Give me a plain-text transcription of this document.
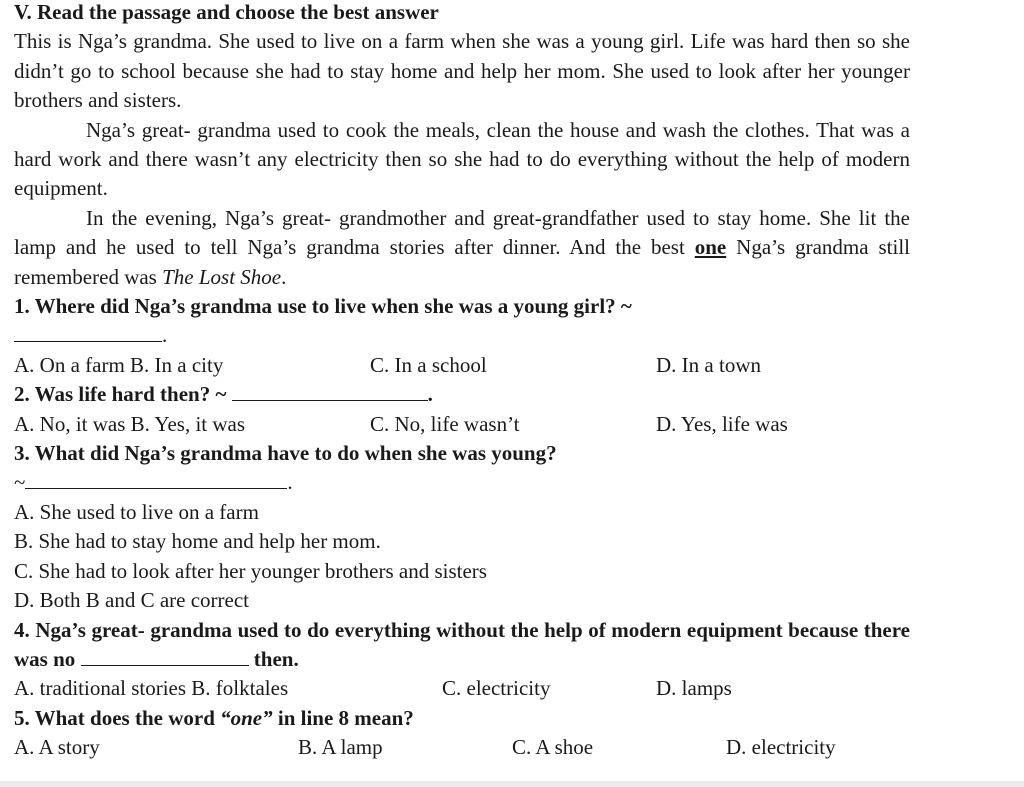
V. Read the passage and choose the best answer

This is Nga’s grandma. She used to live on a farm when she was a young girl. Life was hard then so she didn’t go to school because she had to stay home and help her mom. She used to look after her younger brothers and sisters.

Nga’s great- grandma used to cook the meals, clean the house and wash the clothes. That was a hard work and there wasn’t any electricity then so she had to do everything without the help of modern equipment.

In the evening, Nga’s great- grandmother and great-grandfather used to stay home. She lit the lamp and he used to tell Nga’s grandma stories after dinner. And the best one Nga’s grandma still remembered was The Lost Shoe.

1. Where did Nga’s grandma use to live when she was a young girl? ~

.

A. On a farm B. In a city	C. In a school	D. In a town

2. Was life hard then? ~	.

A. No, it was B. Yes, it was	C. No, life wasn’t	D. Yes, life was

3. What did Nga’s grandma have to do when she was young?

~	.

A. She used to live on a farm

B. She had to stay home and help her mom.

C. She had to look after her younger brothers and sisters

D. Both B and C are correct

4. Nga’s great- grandma used to do everything without the help of modern equipment because there was no	then.

A. traditional stories B. folktales	C. electricity	D. lamps

5. What does the word “one” in line 8 mean?

A. A story	B. A lamp	C. A shoe	D. electricity
